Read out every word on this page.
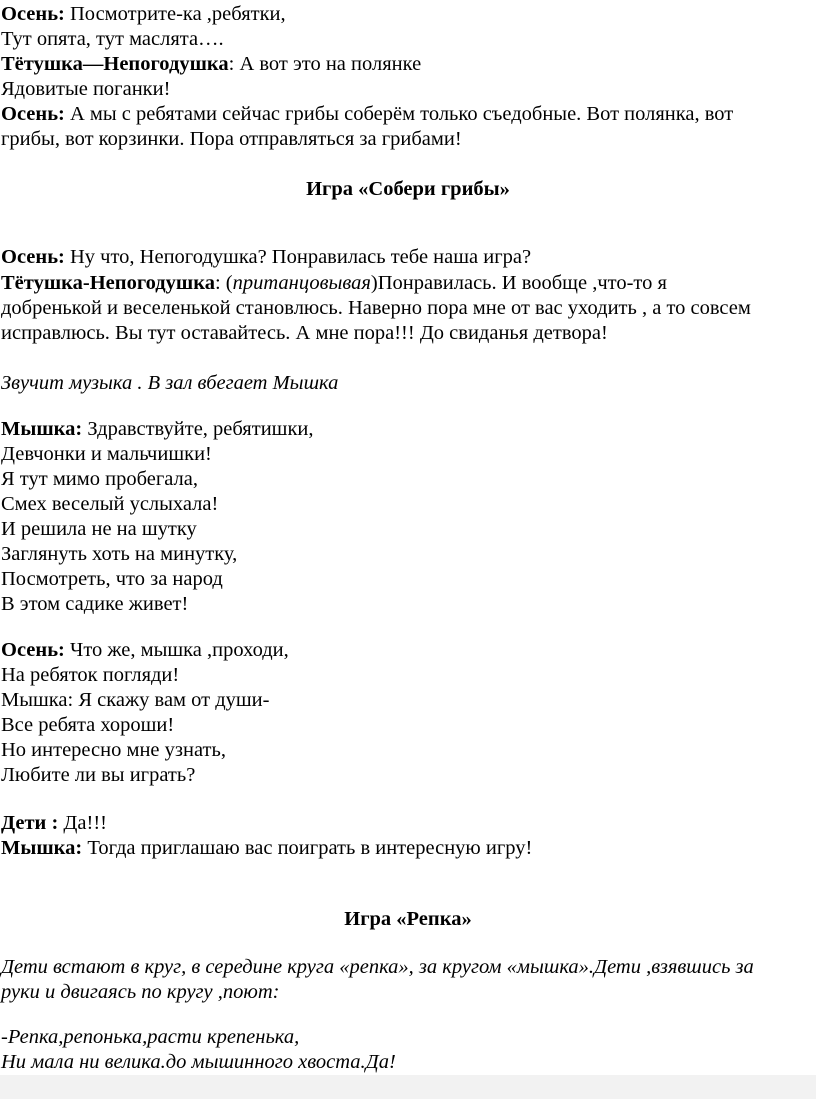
Осень: Посмотрите-ка ,ребятки,
Тут опята, тут маслята….
Тётушка—Непогодушка: А вот это на полянке
Ядовитые поганки!
Осень: А мы с ребятами сейчас грибы соберём только съедобные. Вот полянка, вот
грибы, вот корзинки. Пора отправляться за грибами!
Игра «Собери грибы»
Осень: Ну что, Непогодушка? Понравилась тебе наша игра?
Тётушка-Непогодушка: (пританцовывая)Понравилась. И вообще ,что-то я
добренькой и веселенькой становлюсь. Наверно пора мне от вас уходить , а то совсем
исправлюсь. Вы тут оставайтесь. А мне пора!!! До свиданья детвора!
Звучит музыка . В зал вбегает Мышка
Мышка: Здравствуйте, ребятишки,
Девчонки и мальчишки!
Я тут мимо пробегала,
Смех веселый услыхала!
И решила не на шутку
Заглянуть хоть на минутку,
Посмотреть, что за народ
В этом садике живет!
Осень: Что же, мышка ,проходи,
На ребяток погляди!
Мышка: Я скажу вам от души-
Все ребята хороши!
Но интересно мне узнать,
Любите ли вы играть?
Дети : Да!!!
Мышка: Тогда приглашаю вас поиграть в интересную игру!
Игра «Репка»
Дети встают в круг, в середине круга «репка», за кругом «мышка».Дети ,взявшись за
руки и двигаясь по кругу ,поют:
-Репка,репонька,расти крепенька,
Ни мала ни велика.до мышинного хвоста.Да!
